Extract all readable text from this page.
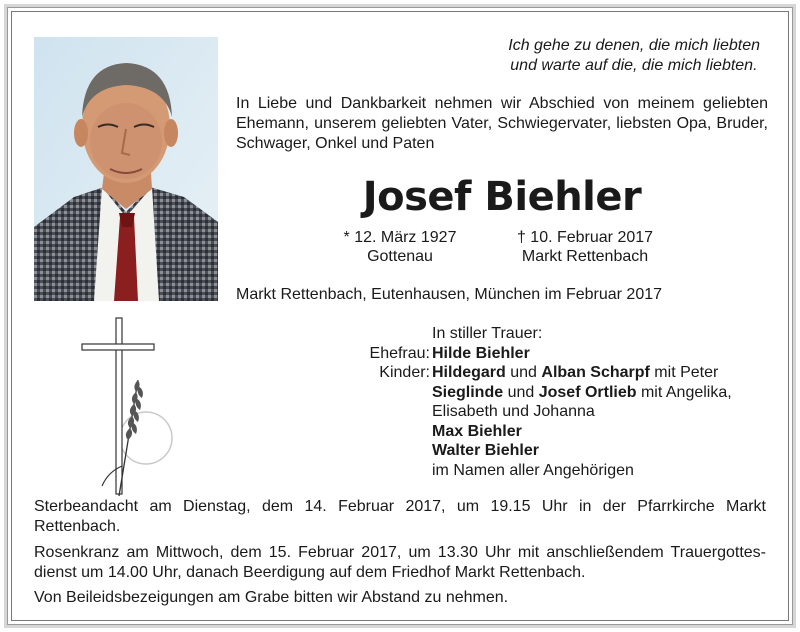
Ich gehe zu denen, die mich liebten
und warte auf die, die mich liebten.
In Liebe und Dankbarkeit nehmen wir Abschied von meinem geliebten Ehemann, unserem geliebten Vater, Schwiegervater, liebsten Opa, Bruder, Schwager, Onkel und Paten
Josef Biehler
* 12. März 1927
Gottenau
† 10. Februar 2017
Markt Rettenbach
Markt Rettenbach, Eutenhausen, München im Februar 2017

Ehefrau:
Kinder:
In stiller Trauer:
Hilde Biehler
Hildegard und Alban Scharpf mit Peter
Sieglinde und Josef Ortlieb mit Angelika,
Elisabeth und Johanna
Max Biehler
Walter Biehler
im Namen aller Angehörigen
Sterbeandacht am Dienstag, dem 14. Februar 2017, um 19.15 Uhr in der Pfarrkirche Markt Rettenbach.
Rosenkranz am Mittwoch, dem 15. Februar 2017, um 13.30 Uhr mit anschließendem Trauergottesdienst um 14.00 Uhr, danach Beerdigung auf dem Friedhof Markt Rettenbach.
Von Beileidsbezeigungen am Grabe bitten wir Abstand zu nehmen.
